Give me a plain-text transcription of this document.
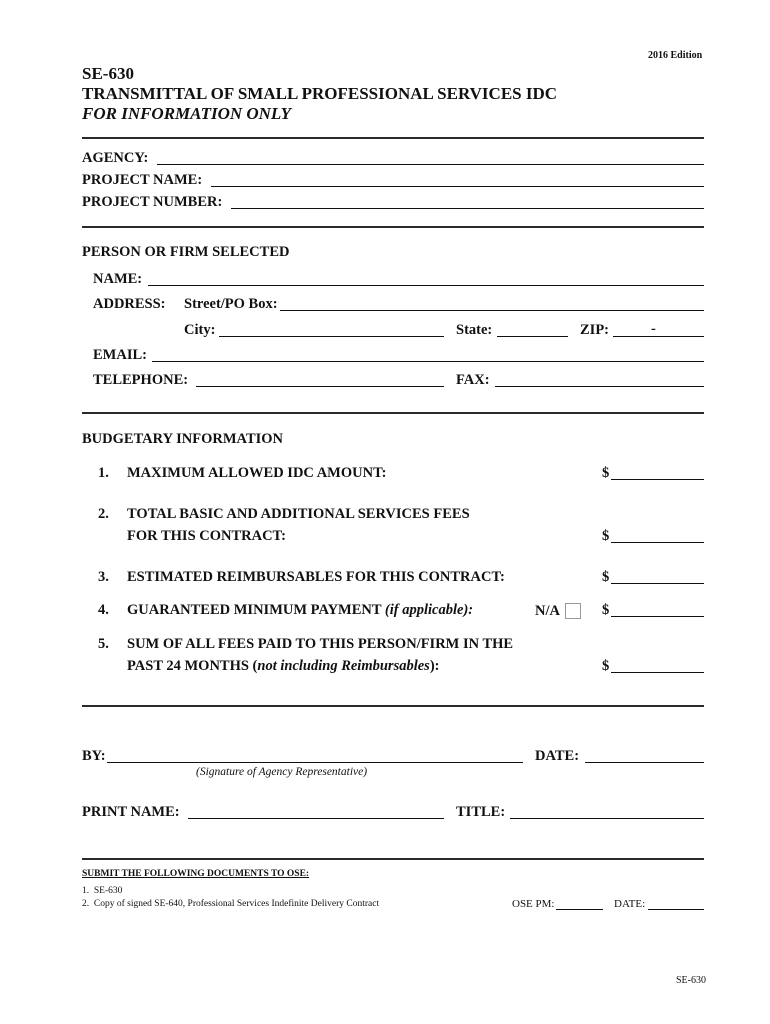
2016 Edition
SE-630
TRANSMITTAL OF SMALL PROFESSIONAL SERVICES IDC
FOR INFORMATION ONLY
AGENCY:
PROJECT NAME:
PROJECT NUMBER:
PERSON OR FIRM SELECTED
NAME:
ADDRESS: Street/PO Box:
City:	State:	ZIP:	-
EMAIL:
TELEPHONE:	FAX:
BUDGETARY INFORMATION
1. MAXIMUM ALLOWED IDC AMOUNT:	$
2. TOTAL BASIC AND ADDITIONAL SERVICES FEES
FOR THIS CONTRACT:	$
3. ESTIMATED REIMBURSABLES FOR THIS CONTRACT:	$
4. GUARANTEED MINIMUM PAYMENT (if applicable):	N/A	$
5. SUM OF ALL FEES PAID TO THIS PERSON/FIRM IN THE
PAST 24 MONTHS (not including Reimbursables):	$
BY:	DATE:
(Signature of Agency Representative)
PRINT NAME:	TITLE:
SUBMIT THE FOLLOWING DOCUMENTS TO OSE:
1. SE-630
2. Copy of signed SE-640, Professional Services Indefinite Delivery Contract	OSE PM:	DATE:
SE-630
